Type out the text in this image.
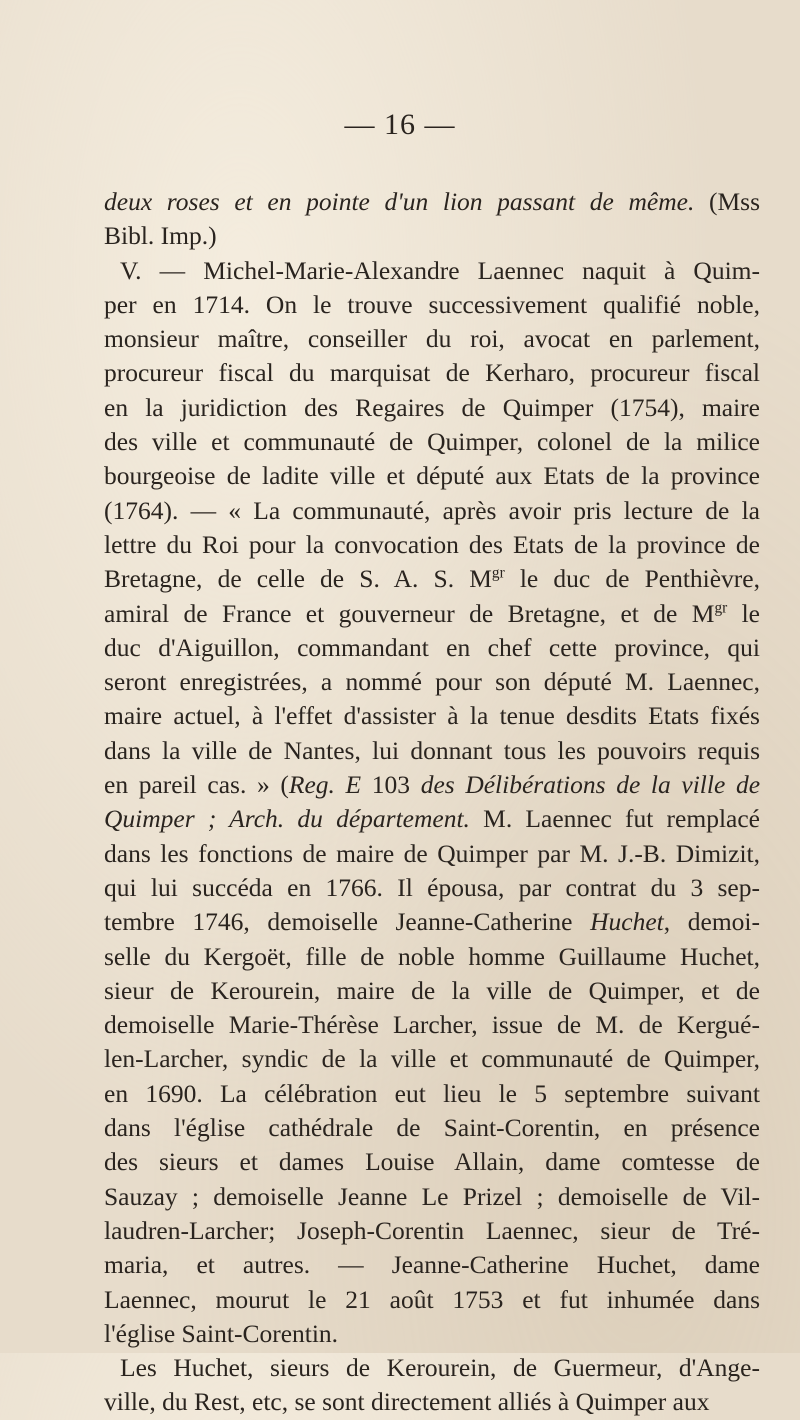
— 16 —
deux roses et en pointe d'un lion passant de même. (Mss
Bibl. Imp.)
V. — Michel-Marie-Alexandre Laennec naquit à Quim-
per en 1714. On le trouve successivement qualifié noble,
monsieur maître, conseiller du roi, avocat en parlement,
procureur fiscal du marquisat de Kerharo, procureur fiscal
en la juridiction des Regaires de Quimper (1754), maire
des ville et communauté de Quimper, colonel de la milice
bourgeoise de ladite ville et député aux Etats de la province
(1764). — « La communauté, après avoir pris lecture de la
lettre du Roi pour la convocation des Etats de la province de
Bretagne, de celle de S. A. S. $M^{gr}$ le duc de Penthièvre,
amiral de France et gouverneur de Bretagne, et de $M^{gr}$ le
duc d'Aiguillon, commandant en chef cette province, qui
seront enregistrées, a nommé pour son député M. Laennec,
maire actuel, à l'effet d'assister à la tenue desdits Etats fixés
dans la ville de Nantes, lui donnant tous les pouvoirs requis
en pareil cas. » (Reg. E 103 des Délibérations de la ville de
Quimper ; Arch. du département. M. Laennec fut remplacé
dans les fonctions de maire de Quimper par M. J.-B. Dimizit,
qui lui succéda en 1766. Il épousa, par contrat du 3 sep-
tembre 1746, demoiselle Jeanne-Catherine Huchet, demoi-
selle du Kergoët, fille de noble homme Guillaume Huchet,
sieur de Kerourein, maire de la ville de Quimper, et de
demoiselle Marie-Thérèse Larcher, issue de M. de Kergué-
len-Larcher, syndic de la ville et communauté de Quimper,
en 1690. La célébration eut lieu le 5 septembre suivant
dans l'église cathédrale de Saint-Corentin, en présence
des sieurs et dames Louise Allain, dame comtesse de
Sauzay ; demoiselle Jeanne Le Prizel ; demoiselle de Vil-
laudren-Larcher; Joseph-Corentin Laennec, sieur de Tré-
maria, et autres. — Jeanne-Catherine Huchet, dame
Laennec, mourut le 21 août 1753 et fut inhumée dans
l'église Saint-Corentin.
Les Huchet, sieurs de Kerourein, de Guermeur, d'Ange-
ville, du Rest, etc, se sont directement alliés à Quimper aux
